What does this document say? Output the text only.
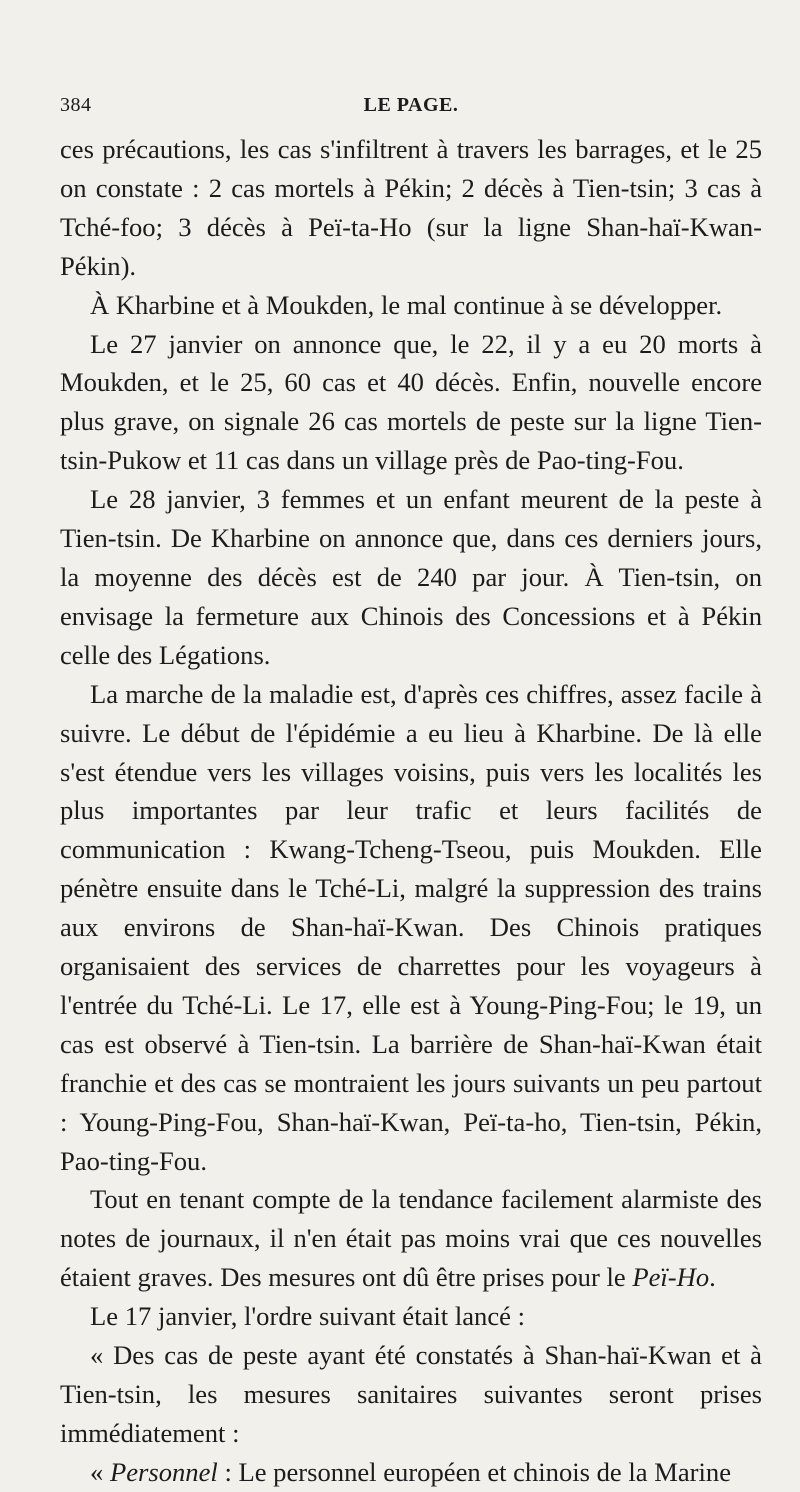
384	LE PAGE.

ces précautions, les cas s'infiltrent à travers les barrages, et le 25 on constate : 2 cas mortels à Pékin; 2 décès à Tien-tsin; 3 cas à Tché-foo; 3 décès à Peï-ta-Ho (sur la ligne Shan-haï-Kwan-Pékin).

À Kharbine et à Moukden, le mal continue à se développer.

Le 27 janvier on annonce que, le 22, il y a eu 20 morts à Moukden, et le 25, 60 cas et 40 décès. Enfin, nouvelle encore plus grave, on signale 26 cas mortels de peste sur la ligne Tien-tsin-Pukow et 11 cas dans un village près de Pao-ting-Fou.

Le 28 janvier, 3 femmes et un enfant meurent de la peste à Tien-tsin. De Kharbine on annonce que, dans ces derniers jours, la moyenne des décès est de 240 par jour. À Tien-tsin, on envisage la fermeture aux Chinois des Concessions et à Pékin celle des Légations.

La marche de la maladie est, d'après ces chiffres, assez facile à suivre. Le début de l'épidémie a eu lieu à Kharbine. De là elle s'est étendue vers les villages voisins, puis vers les localités les plus importantes par leur trafic et leurs facilités de communication : Kwang-Tcheng-Tseou, puis Moukden. Elle pénètre ensuite dans le Tché-Li, malgré la suppression des trains aux environs de Shan-haï-Kwan. Des Chinois pratiques organisaient des services de charrettes pour les voyageurs à l'entrée du Tché-Li. Le 17, elle est à Young-Ping-Fou; le 19, un cas est observé à Tien-tsin. La barrière de Shan-haï-Kwan était franchie et des cas se montraient les jours suivants un peu partout : Young-Ping-Fou, Shan-haï-Kwan, Peï-ta-ho, Tien-tsin, Pékin, Pao-ting-Fou.

Tout en tenant compte de la tendance facilement alarmiste des notes de journaux, il n'en était pas moins vrai que ces nouvelles étaient graves. Des mesures ont dû être prises pour le Peï-Ho.

Le 17 janvier, l'ordre suivant était lancé :

« Des cas de peste ayant été constatés à Shan-haï-Kwan et à Tien-tsin, les mesures sanitaires suivantes seront prises immédiatement :

« Personnel : Le personnel européen et chinois de la Marine
